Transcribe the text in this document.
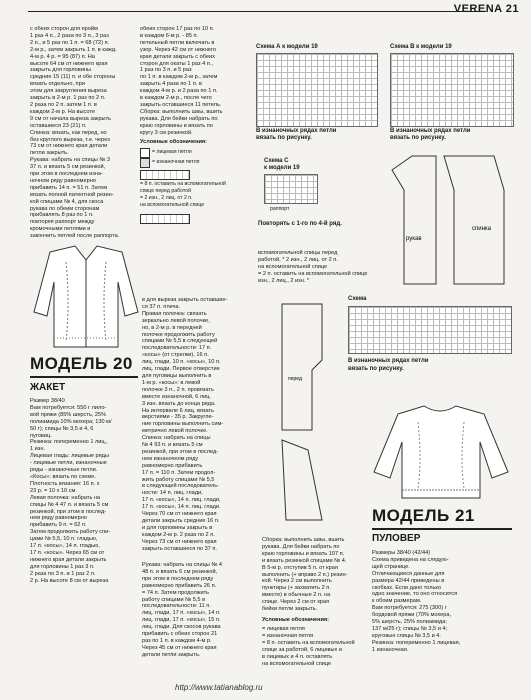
VERENA 21
с обеих сторон для пройм
1 раз 4 п., 2 раза по 3 п., 3 раз
2 п., и 5 раз по 1 п. = 68 (72) п.
2-м р., затем закрыть 1 п. в кажд.
4-м р. 4 р. = 95 (87) п. На
высоте 64 см от нижнего края
закрыть для горловины
средние 15 (11) п. и обе стороны
вязать отдельно, при
этом для закругления выреза
закрыть в 2-м р. 1 раз по 2 п.
2 раза по 2 п. затем 1 п. в
каждом 2-м р. На высоте
9 см от начала выреза закрыть
оставшиеся 23 (21) п.
Спинка: вязать, как перед, но
без круглого выреза, т.е. через
73 см от нижнего края детали
петли закрыть.
Рукава: набрать на спицы № 3
37 п. и вязать 5 см резинкой,
при этом в последнем изна-
ночном ряду равномерно
прибавить 14 п. = 51 п. Затем
вязать полной патентной резин-
кой спицами № 4, для скоса
рукава по обеим сторонам
прибавлять 8 раз по 1 п.
повторяя раппорт между
кромочными петлями и
закончить петлей после раппорта.
обеих сторон 17 раз по 10 п.
в каждом 6-м р. - 85 п.
петельный петли включать в
узор. Через 42 см от нижнего
края детали закрыть с обеих
сторон для окаты 1 раз 4 п.,
1 раз по 3 п. и 5 раз
по 1 п. в каждом 2-м р., затем
закрыть 4 раза по 1 п. в
каждом 4-м р. и 2 раза по 1 п.
в каждом 2-м р., после чего
закрыть оставшиеся 11 петель.
Сборка: выполнить швы, вшить
рукава. Для бейки набрать по
краю горловины и вязать по
кругу 3 см резинкой.
Условные обозначения:
= лицевая петля
= изнаночная петля
= 8 п. оставить на вспомогательной
спице перед работой
= 2 изн., 2 лиц. от 2 п.
на вспомогательной спице
МОДЕЛЬ 20
ЖАКЕТ
Размер 38/40
Вам потребуется: 550 г лило-
вой пряжи (85% шерсть, 25%
полиамида 10% мохера; 130 м/
50 г); спицы № 3,5 и 4, 6
пуговиц.
Резинка: попеременно 1 лиц.,
1 изн.
Лицевая гладь: лицевые ряды
- лицевые петли, изнаночные
ряды - изнаночные петли.
«Косы»: вязать по схеме.
Плотность вязания: 16 п. х
23 р. = 10 х 10 см.
Левая полочка: набрать на
спицы № 4 47 п. и вязать 5 см
резинкой, при этом в послед-
нем ряду равномерно
прибавить 9 п. = 62 п.
Затем продолжить работу спи-
цами № 5,5, 10 п. гладью,
17 п. «косы», 14 п. гладью,
17 п. «косы». Через 65 см от
нижнего края детали закрыть
для горловины 1 раз 3 п.
2 раза по 3 п. и 1 раз 2 п.
2 р. На высоте 8 см от выреза
в для выреза закрыть оставшие-
ся 37 п. плеча.
Правая полочка: связать
зеркально левой полочке,
но, в 2-м р. в передней
полочке продолжить работу
спицами № 5,5 в следующей
последовательности: 17 п.
«косы» (от стрелки), 16 п.
лиц. глади, 10 п. «косы», 10 п.
лиц. глади. Первое отверстие
для пуговицы выполнить в
1-м р. «косы»: в левой
полочке 3 п., 2 п. провязать
вместе изнаночной, 6 лиц.
3 изн. вязать до конца ряда.
На интервале 6 лиц. вязать
верстиями - 35 р. Закругле-
ние горловины выполнить сим-
метрично левой полочке.
Спинка: набрать на спицы
№ 4 93 п. и вязать 5 см
резинкой, при этом в послед-
нем изнаночном ряду
равномерно прибавить
17 п. = 110 п. Затем продол-
жить работу спицами № 5,5
в следующей последователь-
ности: 14 п. лиц. глади,
17 п. «косы», 14 п. лиц. глади,
17 п. «косы», 14 п. лиц. глади.
Через 70 см от нижнего края
детали закрыть средние 16 п.
и для горловины закрыть в
каждом 2-м р. 2 раза по 2 п.
Через 73 см от нижнего края
закрыть оставшиеся по 37 п.
Рукава: набрать на спицы № 4
48 п. и вязать 6 см резинкой,
при этом в последнем ряду
равномерно прибавить 26 п.
= 74 п. Затем продолжить
работу спицами № 5,5 в
последовательности: 11 п.
лиц. глади, 17 п. «косы», 14 п.
лиц. глади, 17 п. «косы», 15 п.
лиц. глади. Для скосов рукава
прибавить с обеих сторон 21
раз по 1 п. в каждом 4-м р.
Через 45 см от нижнего края
детали петли закрыть.
Схема А к модели 19
В изнаночных рядах петли
вязать по рисунку.
Схема В к модели 19
В изнаночных рядах петли
вязать по рисунку.
Схема С
к модели 19
раппорт
Повторять с 1-го по 4-й ряд.
вспомогательной спицы перед
работой, * 2 изн., 2 лиц. от 2 п.
на вспомогательной спице
= 2 п. оставить на вспомогательной спице
изн., 2 лиц., 2 изн. *
рукав
спинка
перед
Схема
В изнаночных рядах петли
вязать по рисунку.
МОДЕЛЬ 21
ПУЛОВЕР
Размеры 38/40 (42/44)
Схема приведена на следую-
щей странице.
Отличающиеся данные для
размера 42/44 приведены в
скобках. Если дано только
одно значение, то оно относится
к обоим размерам.
Вам потребуется: 275 (300) г
бордовой пряжи (70% мохера,
5% шерсть, 25% полиамида;
137 м/25 г); спицы № 3,5 и 4;
круговые спицы № 3,5 и 4.
Резинка: попеременно 1 лицевая,
1 изнаночная.
Сборка: выполнить швы, вшить
рукава. Для бейки набрать по
краю горловины и вязать 107 п.
и вязать резинкой спицами № 4.
В 5-м р. отступив 5 п. от края
выполнить (+ вправо 2 п.) резин-
кой. Через 2 см выполнить
пунктиры (+ захватить 2 п.
вместе) в обычные 2 п. на
спице. Через 2 см от края
бейки петли закрыть.
Условные обозначения:
= лицевая петля
= изнаночная петля
= 8 п. оставить на вспомогательной
спице за работой, 6 лицевых и
в лицевых и 4 п. оставлять
на вспомогательной спице
http://www.tatianablog.ru
